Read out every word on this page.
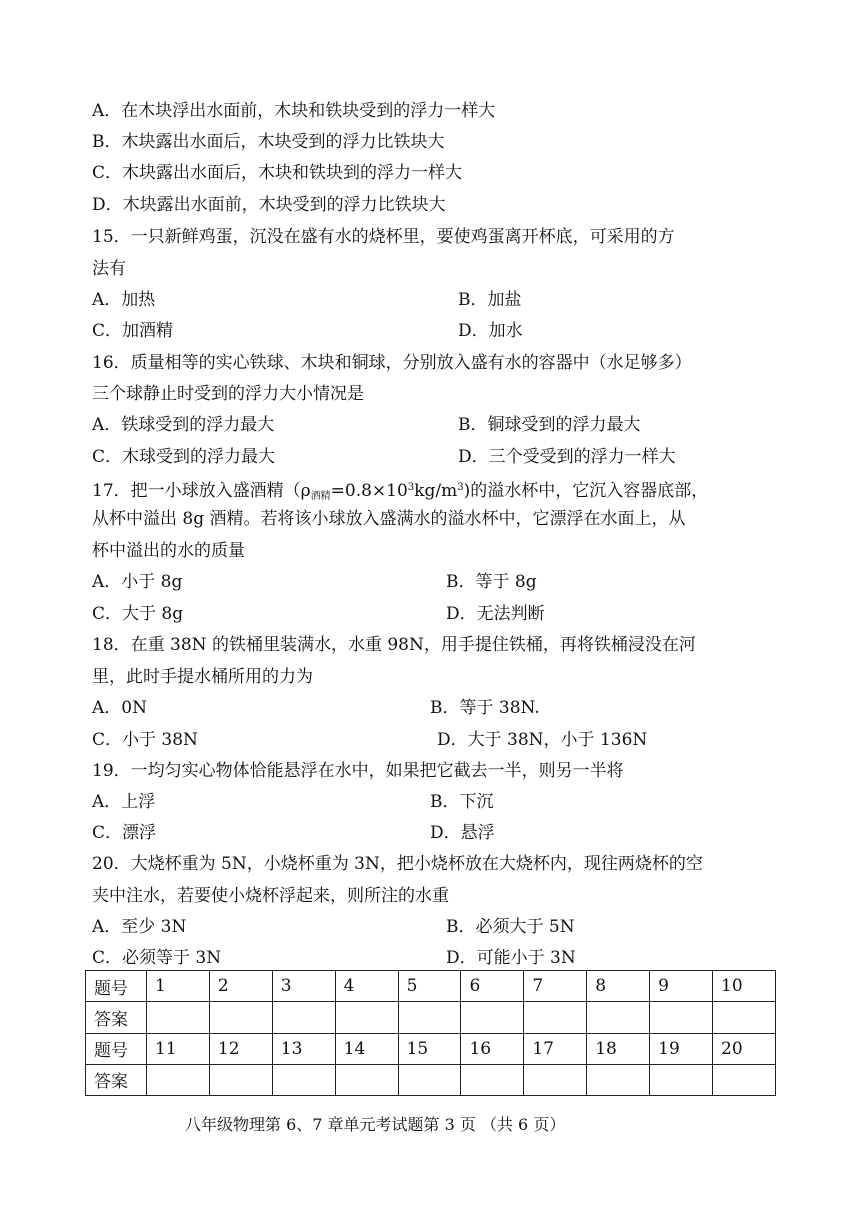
A．在木块浮出水面前，木块和铁块受到的浮力一样大
B．木块露出水面后，木块受到的浮力比铁块大
C．木块露出水面后，木块和铁块到的浮力一样大
D．木块露出水面前，木块受到的浮力比铁块大
15．一只新鲜鸡蛋，沉没在盛有水的烧杯里，要使鸡蛋离开杯底，可采用的方
法有
A．加热	B．加盐
C．加酒精	D．加水
16．质量相等的实心铁球、木块和铜球，分别放入盛有水的容器中（水足够多）
三个球静止时受到的浮力大小情况是
A．铁球受到的浮力最大	B．铜球受到的浮力最大
C．木球受到的浮力最大	D．三个受受到的浮力一样大
17．把一小球放入盛酒精$(\rho_{酒精}=0.8\times 10^3kg/m^3)$的溢水杯中，它沉入容器底部，
从杯中溢出 8g 酒精。若将该小球放入盛满水的溢水杯中，它漂浮在水面上，从
杯中溢出的水的质量
A．小于 8g	B．等于 8g
C．大于 8g	D．无法判断
18．在重 38N 的铁桶里装满水，水重 98N，用手提住铁桶，再将铁桶浸没在河
里，此时手提水桶所用的力为
A．0N	B．等于 38N.
C．小于 38N	D．大于 38N，小于 136N
19．一均匀实心物体恰能悬浮在水中，如果把它截去一半，则另一半将
A．上浮	B．下沉
C．漂浮	D．悬浮
20．大烧杯重为 5N，小烧杯重为 3N，把小烧杯放在大烧杯内，现往两烧杯的空
夹中注水，若要使小烧杯浮起来，则所注的水重
A．至少 3N	B．必须大于 5N
C．必须等于 3N	D．可能小于 3N
题号	1	2	3	4	5	6	7	8	9	10
答案										
题号	11	12	13	14	15	16	17	18	19	20
答案										
八年级物理第 6、7 章单元考试题第 3 页 （共 6 页）
